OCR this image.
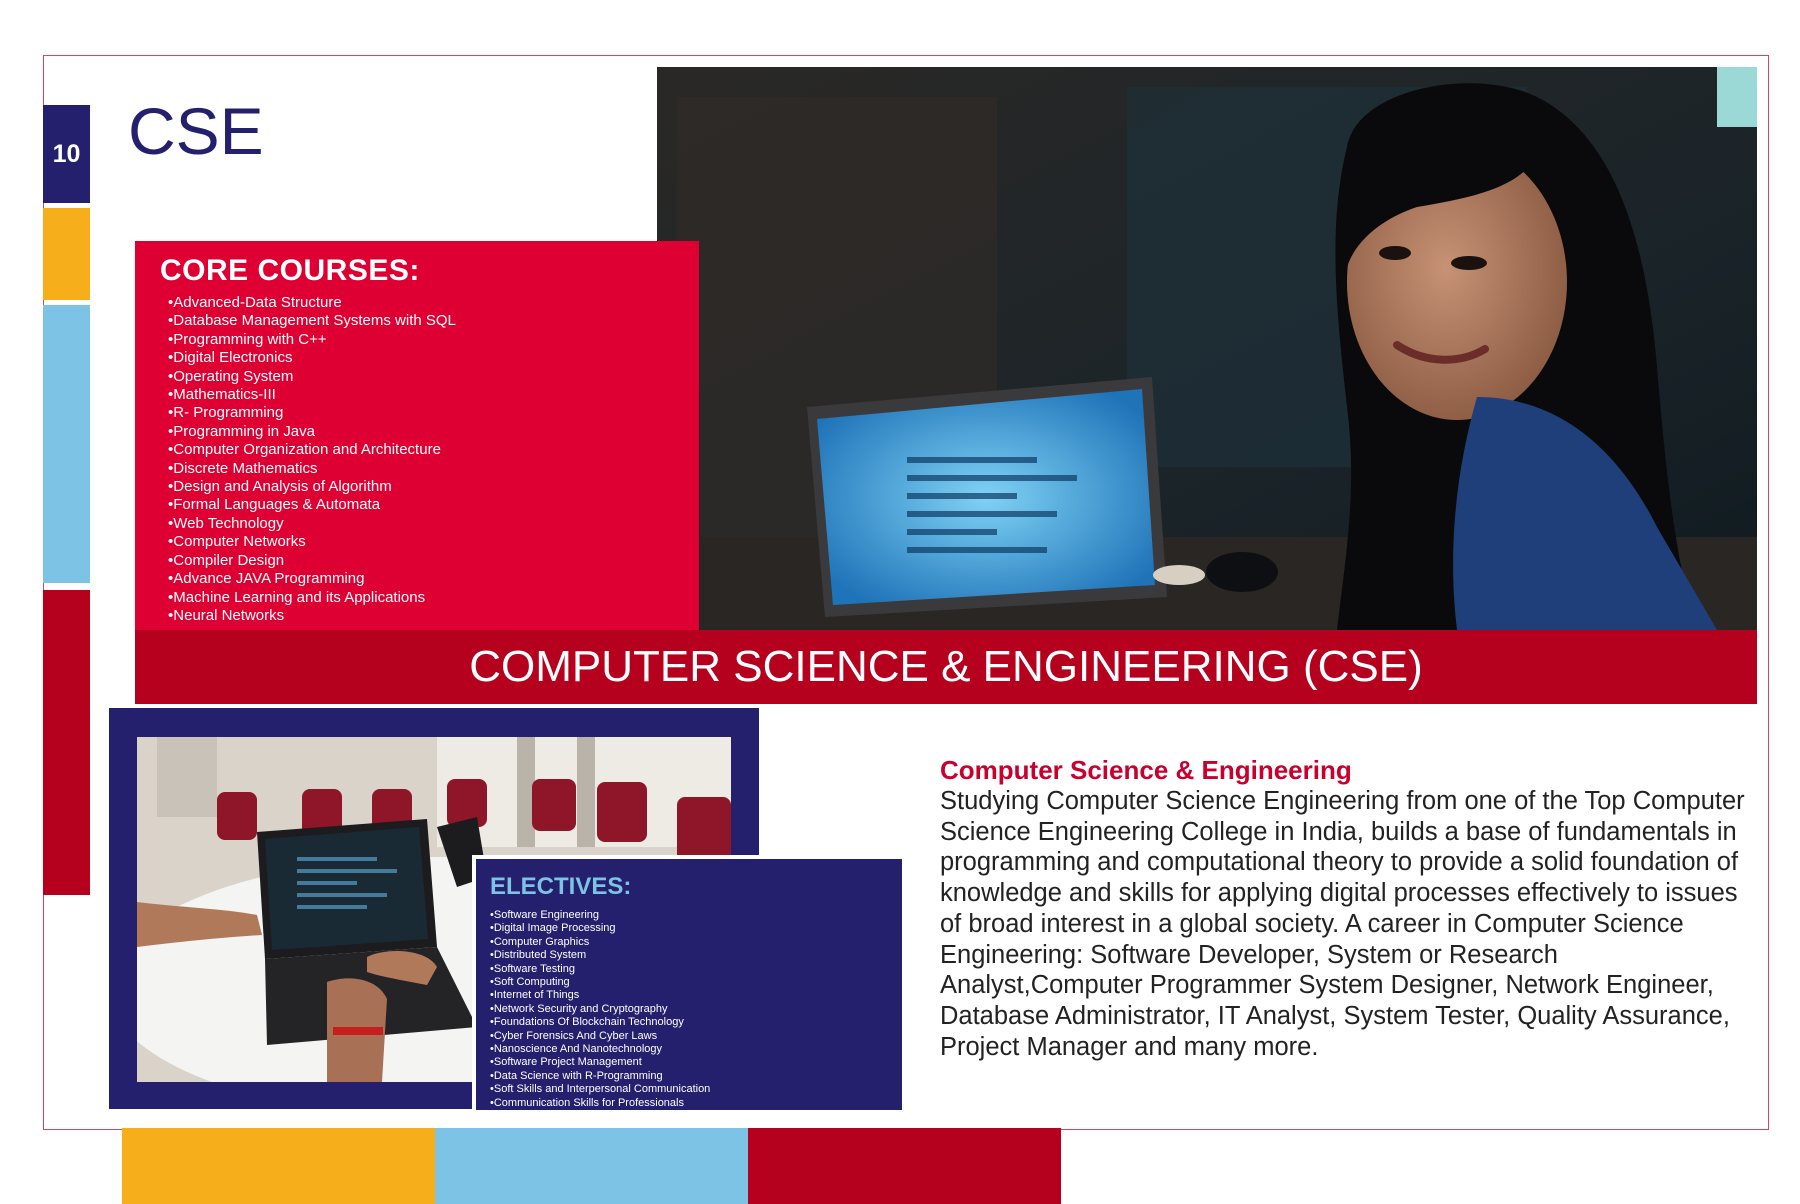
10 CSE
CORE COURSES:
• Advanced-Data Structure
• Database Management Systems with SQL
• Programming with C++
• Digital Electronics
• Operating System
• Mathematics-III
• R- Programming
• Programming in Java
• Computer Organization and Architecture
• Discrete Mathematics
• Design and Analysis of Algorithm
• Formal Languages & Automata
• Web Technology
• Computer Networks
• Compiler Design
• Advance JAVA Programming
• Machine Learning and its Applications
• Neural Networks
COMPUTER SCIENCE & ENGINEERING (CSE)
ELECTIVES:
• Software Engineering
• Digital Image Processing
• Computer Graphics
• Distributed System
• Software Testing
• Soft Computing
• Internet of Things
• Network Security and Cryptography
• Foundations Of Blockchain Technology
• Cyber Forensics And Cyber Laws
• Nanoscience And Nanotechnology
• Software Project Management
• Data Science with R-Programming
• Soft Skills and Interpersonal Communication
• Communication Skills for Professionals

Computer Science & Engineering

Studying Computer Science Engineering from one of the Top Computer Science Engineering College in India, builds a base of fundamentals in programming and computational theory to provide a solid foundation of knowledge and skills for applying digital processes effectively to issues of broad interest in a global society. A career in Computer Science Engineering: Software Developer, System or Research Analyst,Computer Programmer System Designer, Network Engineer, Database Administrator, IT Analyst, System Tester, Quality Assurance, Project Manager and many more.
